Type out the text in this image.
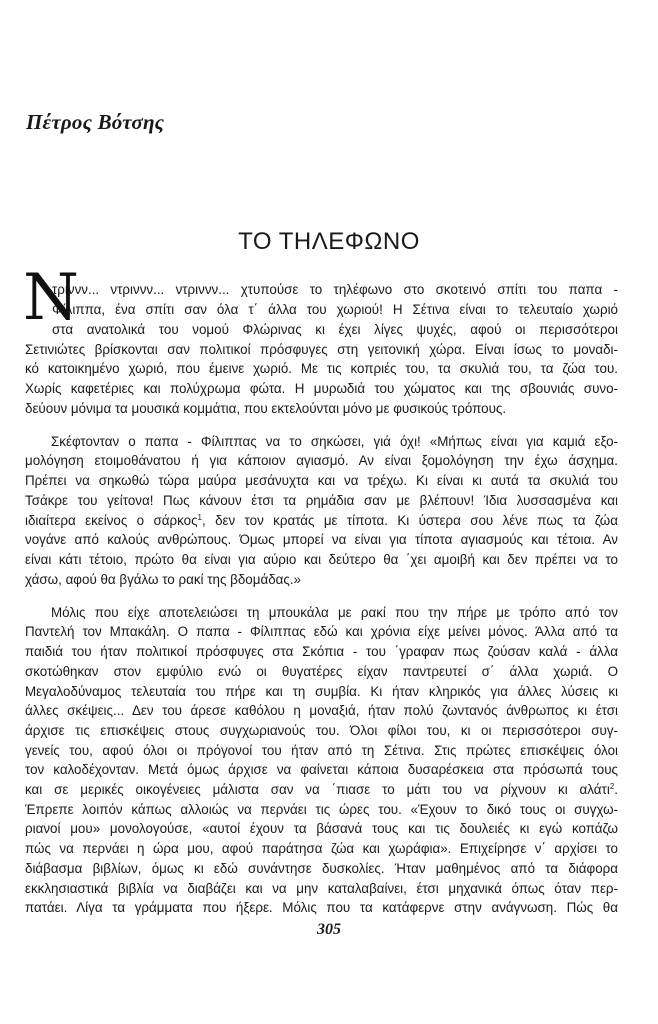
Πέτρος Βότσης
ΤΟ ΤΗΛΕΦΩΝΟ
Ν

τριννν... ντριννν... ντριννν... χτυπούσε το τηλέφωνο στο σκοτεινό σπίτι του παπα -
Φίλιππα, ένα σπίτι σαν όλα τ΄ άλλα του χωριού! Η Σέτινα είναι το τελευταίο χωριό
στα ανατολικά του νομού Φλώρινας κι έχει λίγες ψυχές, αφού οι περισσότεροι
Σετινιώτες βρίσκονται σαν πολιτικοί πρόσφυγες στη γειτονική χώρα. Είναι ίσως το μοναδι-
κό κατοικημένο χωριό, που έμεινε χωριό. Με τις κοπριές του, τα σκυλιά του, τα ζώα του.
Χωρίς καφετέριες και πολύχρωμα φώτα. Η μυρωδιά του χώματος και της σβουνιάς συνο-
δεύουν μόνιμα τα μουσικά κομμάτια, που εκτελούνται μόνο με φυσικούς τρόπους.

Σκέφτονταν ο παπα - Φίλιππας να το σηκώσει, γιά όχι! «Μήπως είναι για καμιά εξο-
μολόγηση ετοιμοθάνατου ή για κάποιον αγιασμό. Αν είναι ξομολόγηση την έχω άσχημα.
Πρέπει να σηκωθώ τώρα μαύρα μεσάνυχτα και να τρέχω. Κι είναι κι αυτά τα σκυλιά του
Τσάκρε του γείτονα! Πως κάνουν έτσι τα ρημάδια σαν με βλέπουν! Ίδια λυσσασμένα και
ιδιαίτερα εκείνος ο σάρκος$^1$, δεν τον κρατάς με τίποτα. Κι ύστερα σου λένε πως τα ζώα
νογάνε από καλούς ανθρώπους. Όμως μπορεί να είναι για τίποτα αγιασμούς και τέτοια. Αν
είναι κάτι τέτοιο, πρώτο θα είναι για αύριο και δεύτερο θα ΄χει αμοιβή και δεν πρέπει να το
χάσω, αφού θα βγάλω το ρακί της βδομάδας.»

Μόλις που είχε αποτελειώσει τη μπουκάλα με ρακί που την πήρε με τρόπο από τον
Παντελή τον Μπακάλη. Ο παπα - Φίλιππας εδώ και χρόνια είχε μείνει μόνος. Άλλα από τα
παιδιά του ήταν πολιτικοί πρόσφυγες στα Σκόπια - του ΄γραφαν πως ζούσαν καλά - άλλα
σκοτώθηκαν στον εμφύλιο ενώ οι θυγατέρες είχαν παντρευτεί σ΄ άλλα χωριά. Ο
Μεγαλοδύναμος τελευταία του πήρε και τη συμβία. Κι ήταν κληρικός για άλλες λύσεις κι
άλλες σκέψεις... Δεν του άρεσε καθόλου η μοναξιά, ήταν πολύ ζωντανός άνθρωπος κι έτσι
άρχισε τις επισκέψεις στους συγχωριανούς του. Όλοι φίλοι του, κι οι περισσότεροι συγ-
γενείς του, αφού όλοι οι πρόγονοί του ήταν από τη Σέτινα. Στις πρώτες επισκέψεις όλοι
τον καλοδέχονταν. Μετά όμως άρχισε να φαίνεται κάποια δυσαρέσκεια στα πρόσωπά τους
και σε μερικές οικογένειες μάλιστα σαν να ΄πιασε το μάτι του να ρίχνουν κι αλάτι$^2$.
Έπρεπε λοιπόν κάπως αλλοιώς να περνάει τις ώρες του. «Έχουν το δικό τους οι συγχω-
ριανοί μου» μονολογούσε, «αυτοί έχουν τα βάσανά τους και τις δουλειές κι εγώ κοπάζω
πώς να περνάει η ώρα μου, αφού παράτησα ζώα και χωράφια». Επιχείρησε ν΄ αρχίσει το
διάβασμα βιβλίων, όμως κι εδώ συνάντησε δυσκολίες. Ήταν μαθημένος από τα διάφορα
εκκλησιαστικά βιβλία να διαβάζει και να μην καταλαβαίνει, έτσι μηχανικά όπως όταν περ-
πατάει. Λίγα τα γράμματα που ήξερε. Μόλις που τα κατάφερνε στην ανάγνωση. Πώς θα

305
